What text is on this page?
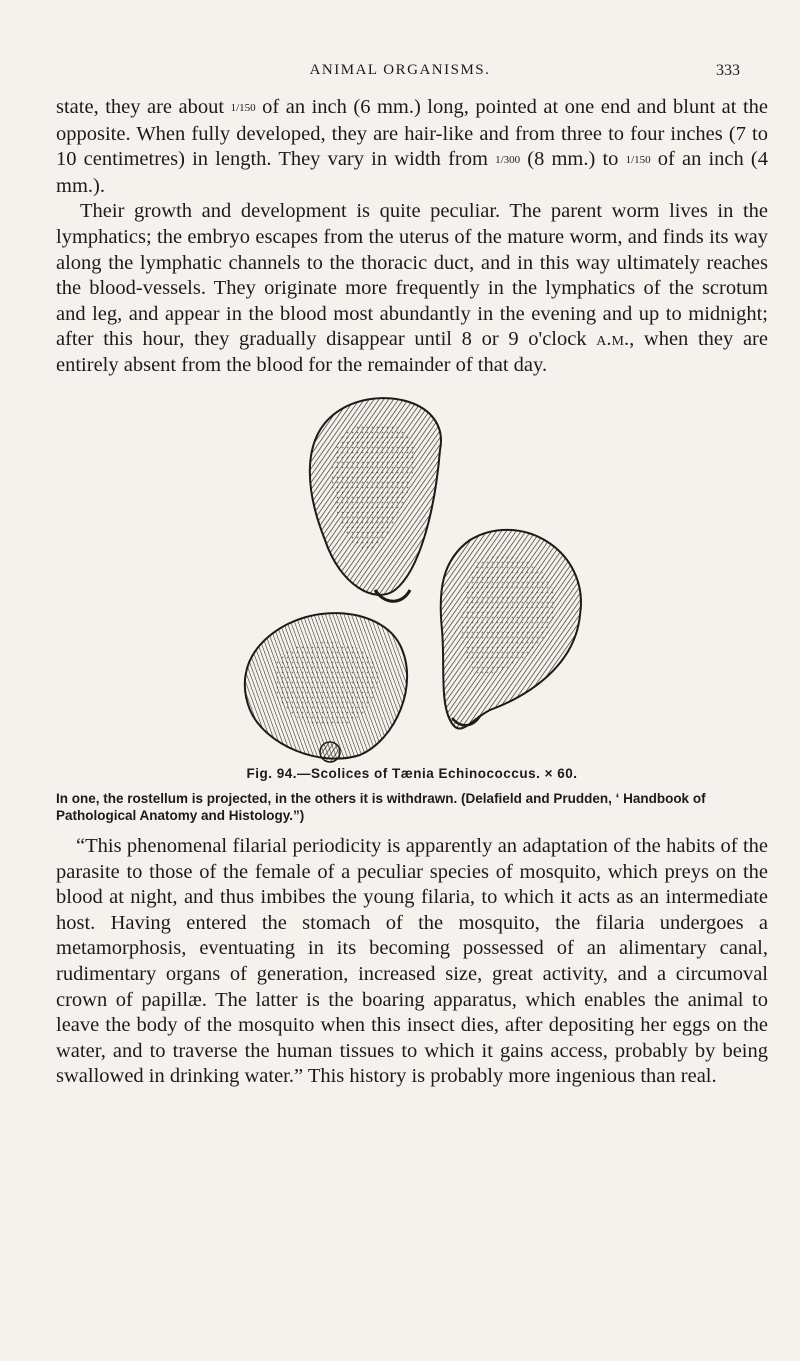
ANIMAL ORGANISMS.	333

state, they are about 1/150 of an inch (6 mm.) long, pointed at one end and blunt at the opposite. When fully developed, they are hair-like and from three to four inches (7 to 10 centimetres) in length. They vary in width from 1/300 (8 mm.) to 1/150 of an inch (4 mm.).
Their growth and development is quite peculiar. The parent worm lives in the lymphatics; the embryo escapes from the uterus of the mature worm, and finds its way along the lymphatic channels to the thoracic duct, and in this way ultimately reaches the blood-vessels. They originate more frequently in the lymphatics of the scrotum and leg, and appear in the blood most abundantly in the evening and up to midnight; after this hour, they gradually disappear until 8 or 9 o'clock a.m., when they are entirely absent from the blood for the remainder of that day.

Fig. 94.—Scolices of Tænia Echinococcus. × 60.
In one, the rostellum is projected, in the others it is withdrawn. (Delafield and Prudden, ‘ Handbook of Pathological Anatomy and Histology.”)

“This phenomenal filarial periodicity is apparently an adaptation of the habits of the parasite to those of the female of a peculiar species of mosquito, which preys on the blood at night, and thus imbibes the young filaria, to which it acts as an intermediate host. Having entered the stomach of the mosquito, the filaria undergoes a metamorphosis, eventuating in its becoming possessed of an alimentary canal, rudimentary organs of generation, increased size, great activity, and a circumoval crown of papillæ. The latter is the boaring apparatus, which enables the animal to leave the body of the mosquito when this insect dies, after depositing her eggs on the water, and to traverse the human tissues to which it gains access, probably by being swallowed in drinking water.” This history is probably more ingenious than real.
